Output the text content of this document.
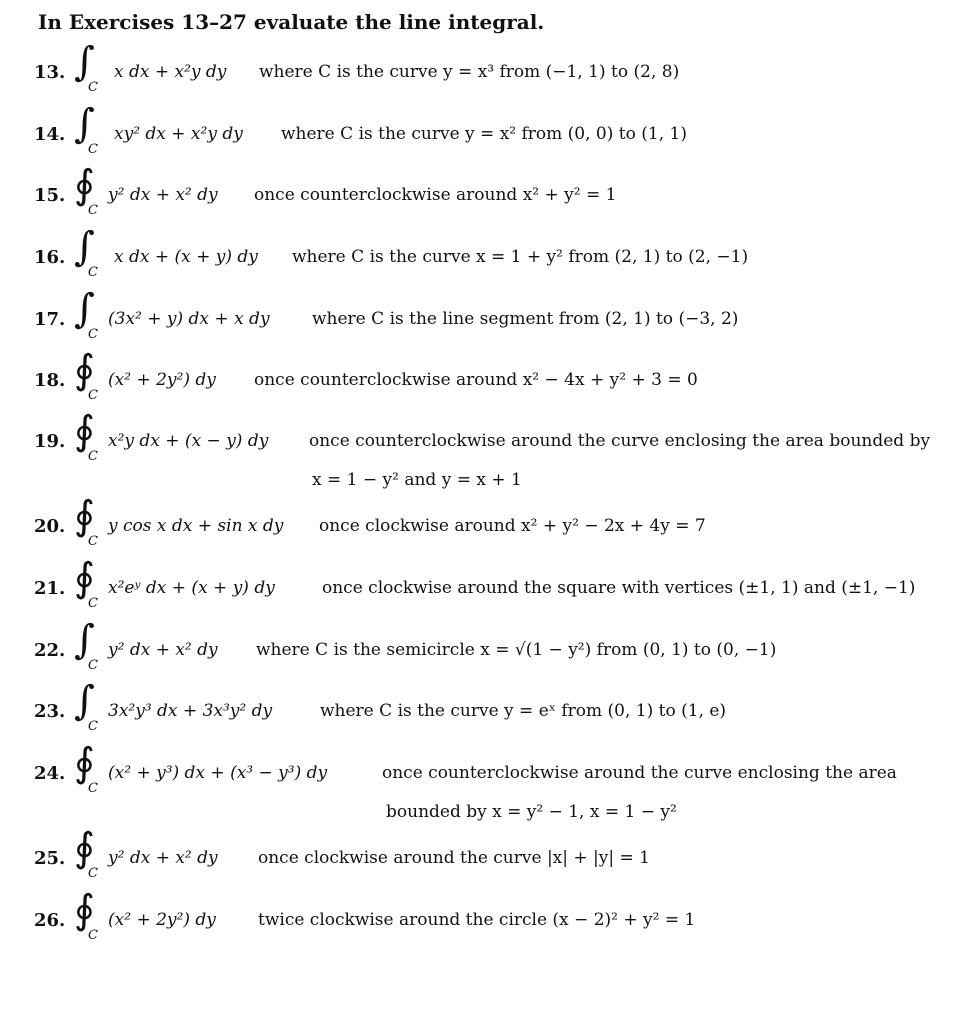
In Exercises 13–27 evaluate the line integral.
13. ∫
C
x dx + x²y dy where C is the curve y = x³ from (−1, 1) to (2, 8)
14. ∫
C
xy² dx + x²y dy where C is the curve y = x² from (0, 0) to (1, 1)
15. ∮
C
y² dx + x² dy once counterclockwise around x² + y² = 1
16. ∫
C
x dx + (x + y) dy where C is the curve x = 1 + y² from (2, 1) to (2, −1)
17. ∫
C
(3x² + y) dx + x dy where C is the line segment from (2, 1) to (−3, 2)
18. ∮
C
(x² + 2y²) dy once counterclockwise around x² − 4x + y² + 3 = 0
19. ∮
C
x²y dx + (x − y) dy once counterclockwise around the curve enclosing the area bounded by
x = 1 − y² and y = x + 1
20. ∮
C
y cos x dx + sin x dy once clockwise around x² + y² − 2x + 4y = 7
21. ∮
C
x²eʸ dx + (x + y) dy	once clockwise around the square with vertices (±1, 1) and (±1, −1)
22. ∫
C
y² dx + x² dy where C is the semicircle x = √(1 − y²) from (0, 1) to (0, −1)
23. ∫
C
3x²y³ dx + 3x³y² dy	where C is the curve y = eˣ from (0, 1) to (1, e)
24. ∮
C
(x² + y³) dx + (x³ − y³) dy	once counterclockwise around the curve enclosing the area
bounded by x = y² − 1, x = 1 − y²
25. ∮
C
y² dx + x² dy once clockwise around the curve |x| + |y| = 1
26. ∮
C
(x² + 2y²) dy twice clockwise around the circle (x − 2)² + y² = 1
